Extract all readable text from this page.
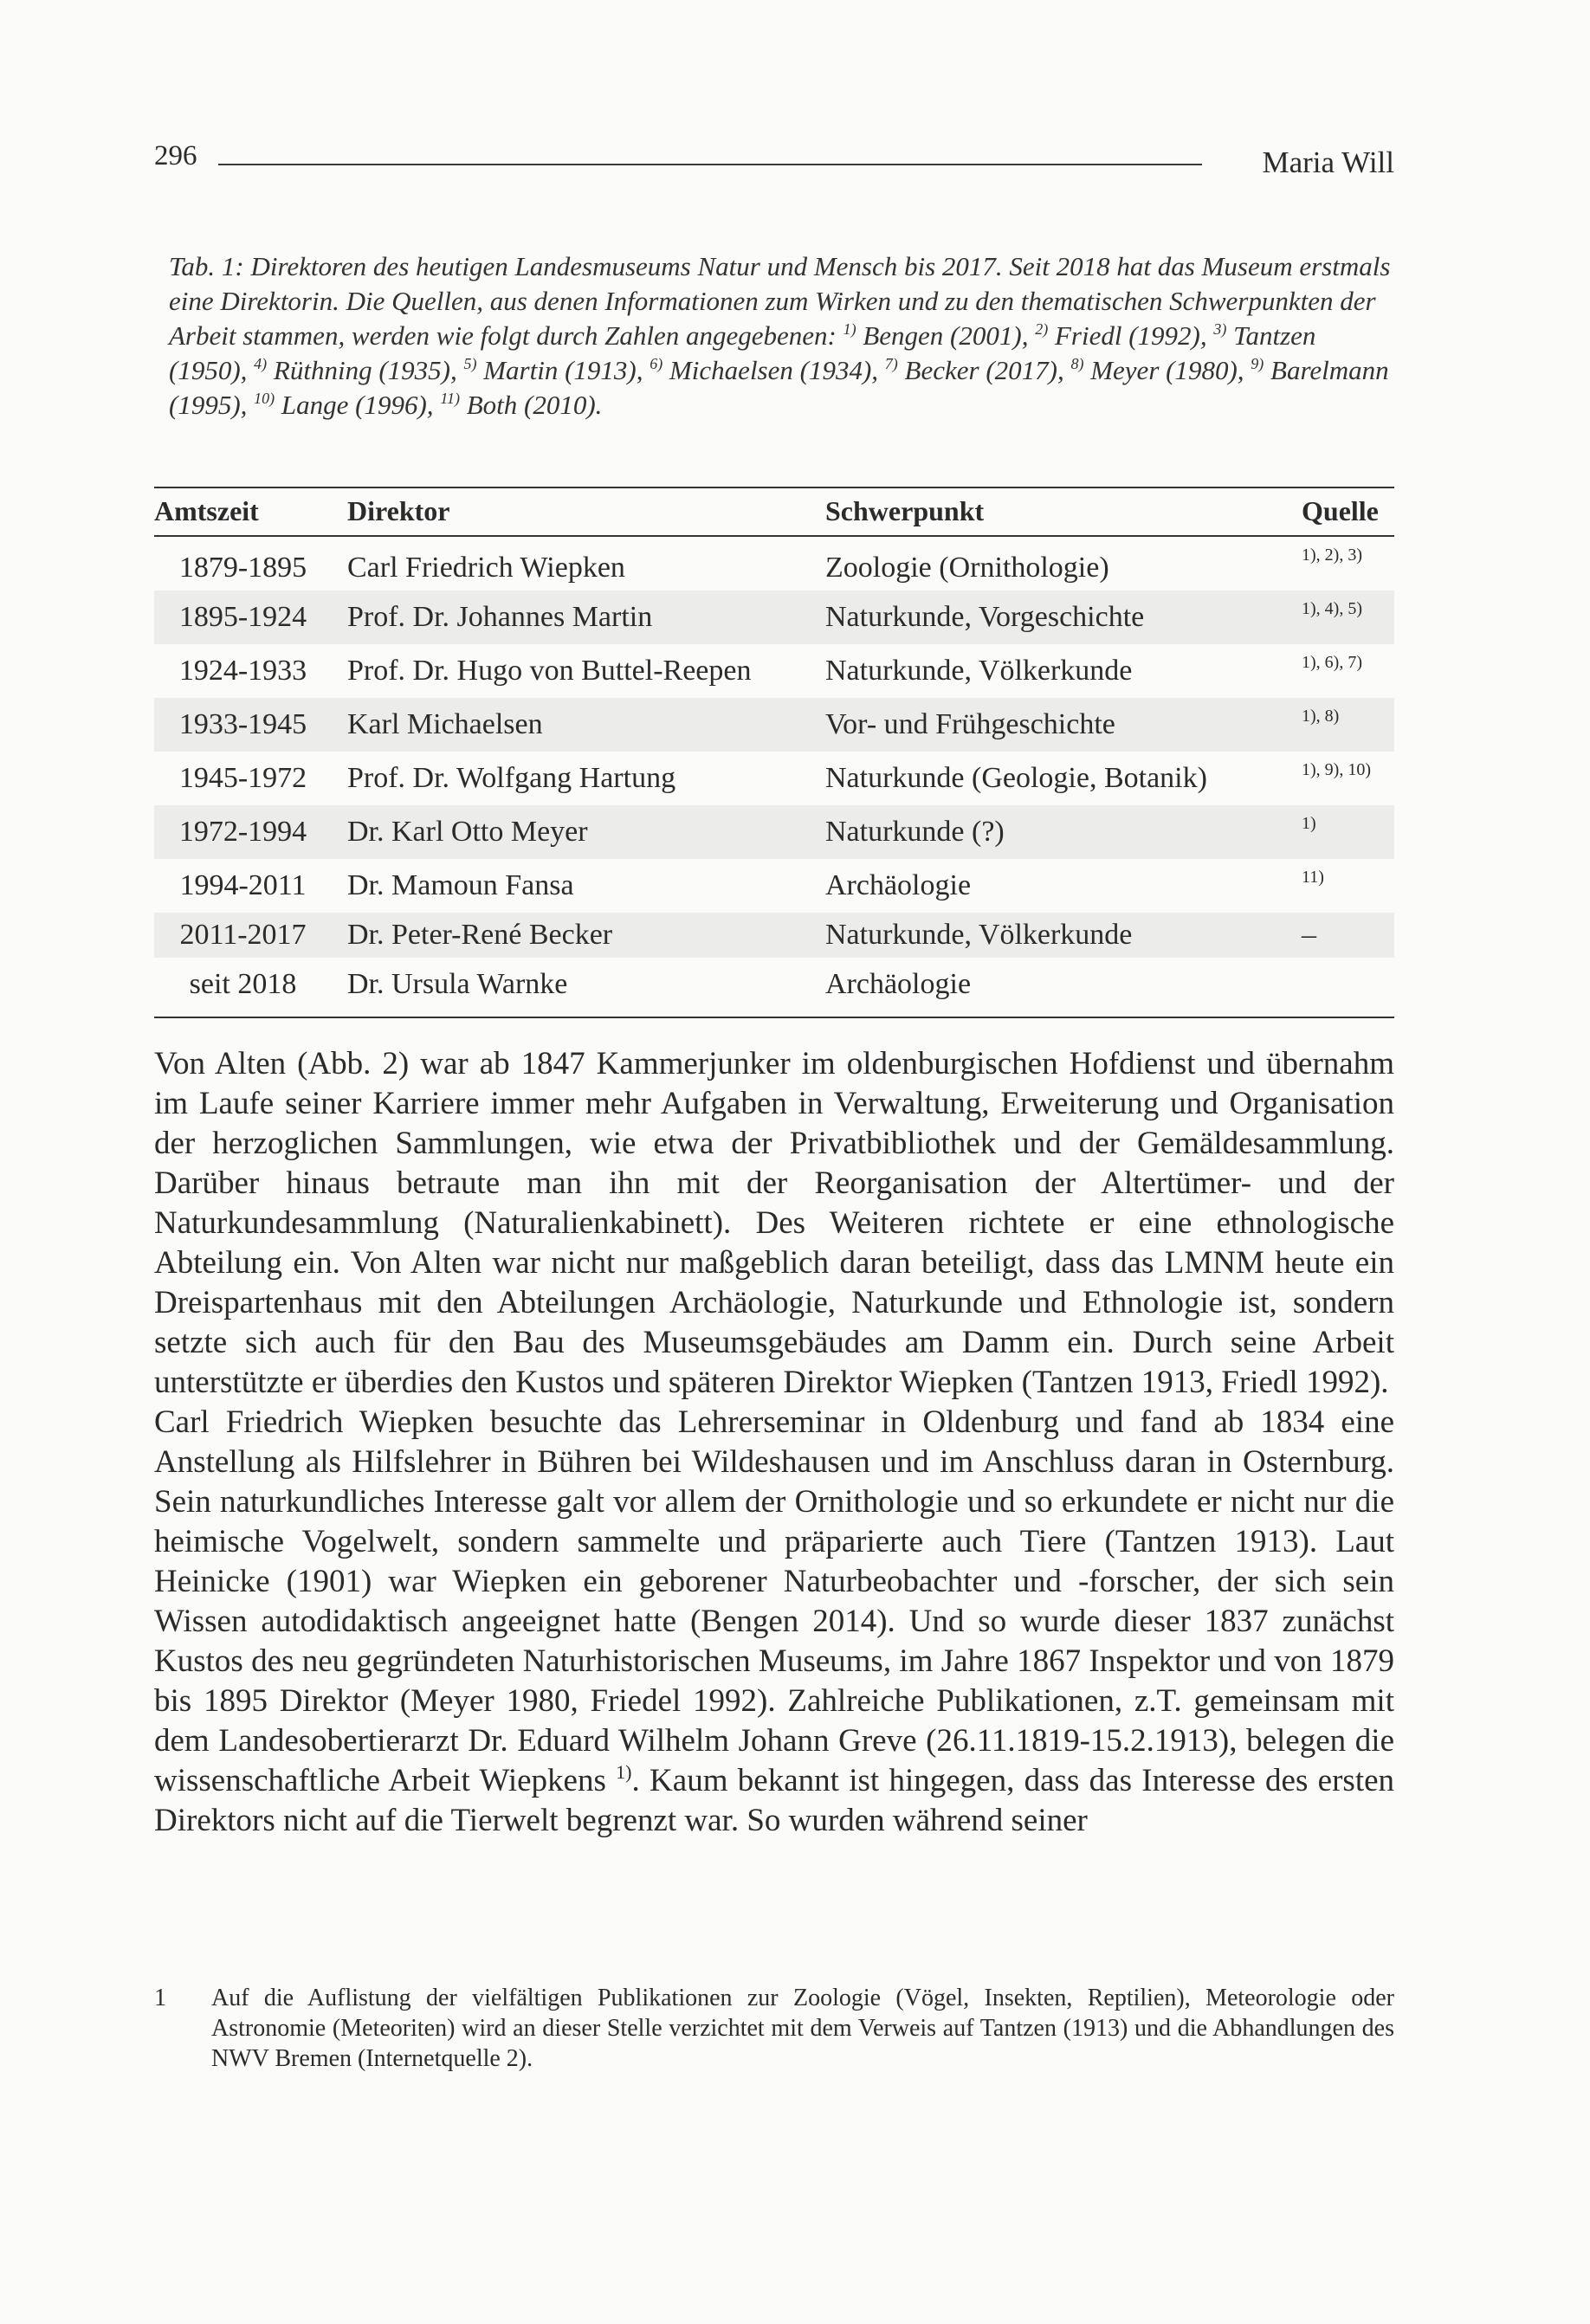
296	Maria Will
Tab. 1: Direktoren des heutigen Landesmuseums Natur und Mensch bis 2017. Seit 2018 hat das Museum erstmals eine Direktorin. Die Quellen, aus denen Informationen zum Wirken und zu den thematischen Schwerpunkten der Arbeit stammen, werden wie folgt durch Zahlen angegebenen: $^{1)}$ Bengen (2001), $^{2)}$ Friedl (1992), $^{3)}$ Tantzen (1950), $^{4)}$ Rüthning (1935), $^{5)}$ Martin (1913), $^{6)}$ Michaelsen (1934), $^{7)}$ Becker (2017), $^{8)}$ Meyer (1980), $^{9)}$ Barelmann (1995), $^{10)}$ Lange (1996), $^{11)}$ Both (2010).
Amtszeit	Direktor	Schwerpunkt	Quelle
1879-1895	Carl Friedrich Wiepken	Zoologie (Ornithologie)	1), 2), 3)
1895-1924	Prof. Dr. Johannes Martin	Naturkunde, Vorgeschichte	1), 4), 5)
1924-1933	Prof. Dr. Hugo von Buttel-Reepen	Naturkunde, Völkerkunde	1), 6), 7)
1933-1945	Karl Michaelsen	Vor- und Frühgeschichte	1), 8)
1945-1972	Prof. Dr. Wolfgang Hartung	Naturkunde (Geologie, Botanik)	1), 9), 10)
1972-1994	Dr. Karl Otto Meyer	Naturkunde (?)	1)
1994-2011	Dr. Mamoun Fansa	Archäologie	11)
2011-2017	Dr. Peter-René Becker	Naturkunde, Völkerkunde	–
seit 2018	Dr. Ursula Warnke	Archäologie	

Von Alten (Abb. 2) war ab 1847 Kammerjunker im oldenburgischen Hofdienst und übernahm im Laufe seiner Karriere immer mehr Aufgaben in Verwaltung, Erweiterung und Organisation der herzoglichen Sammlungen, wie etwa der Privatbibliothek und der Gemäldesammlung. Darüber hinaus betraute man ihn mit der Reorganisation der Altertümer- und der Naturkundesammlung (Naturalienkabinett). Des Weiteren richtete er eine ethnologische Abteilung ein. Von Alten war nicht nur maßgeblich daran beteiligt, dass das LMNM heute ein Dreispartenhaus mit den Abteilungen Archäologie, Naturkunde und Ethnologie ist, sondern setzte sich auch für den Bau des Museumsgebäudes am Damm ein. Durch seine Arbeit unterstützte er überdies den Kustos und späteren Direktor Wiepken (Tantzen 1913, Friedl 1992).

Carl Friedrich Wiepken besuchte das Lehrerseminar in Oldenburg und fand ab 1834 eine Anstellung als Hilfslehrer in Bühren bei Wildeshausen und im Anschluss daran in Osternburg. Sein naturkundliches Interesse galt vor allem der Ornithologie und so erkundete er nicht nur die heimische Vogelwelt, sondern sammelte und präparierte auch Tiere (Tantzen 1913). Laut Heinicke (1901) war Wiepken ein geborener Naturbeobachter und -forscher, der sich sein Wissen autodidaktisch angeeignet hatte (Bengen 2014). Und so wurde dieser 1837 zunächst Kustos des neu gegründeten Naturhistorischen Museums, im Jahre 1867 Inspektor und von 1879 bis 1895 Direktor (Meyer 1980, Friedel 1992). Zahlreiche Publikationen, z.T. gemeinsam mit dem Landesobertierarzt Dr. Eduard Wilhelm Johann Greve (26.11.1819-15.2.1913), belegen die wissenschaftliche Arbeit Wiepkens $^{1)}$. Kaum bekannt ist hingegen, dass das Interesse des ersten Direktors nicht auf die Tierwelt begrenzt war. So wurden während seiner

1 Auf die Auflistung der vielfältigen Publikationen zur Zoologie (Vögel, Insekten, Reptilien), Meteorologie oder Astronomie (Meteoriten) wird an dieser Stelle verzichtet mit dem Verweis auf Tantzen (1913) und die Abhandlungen des NWV Bremen (Internetquelle 2).
